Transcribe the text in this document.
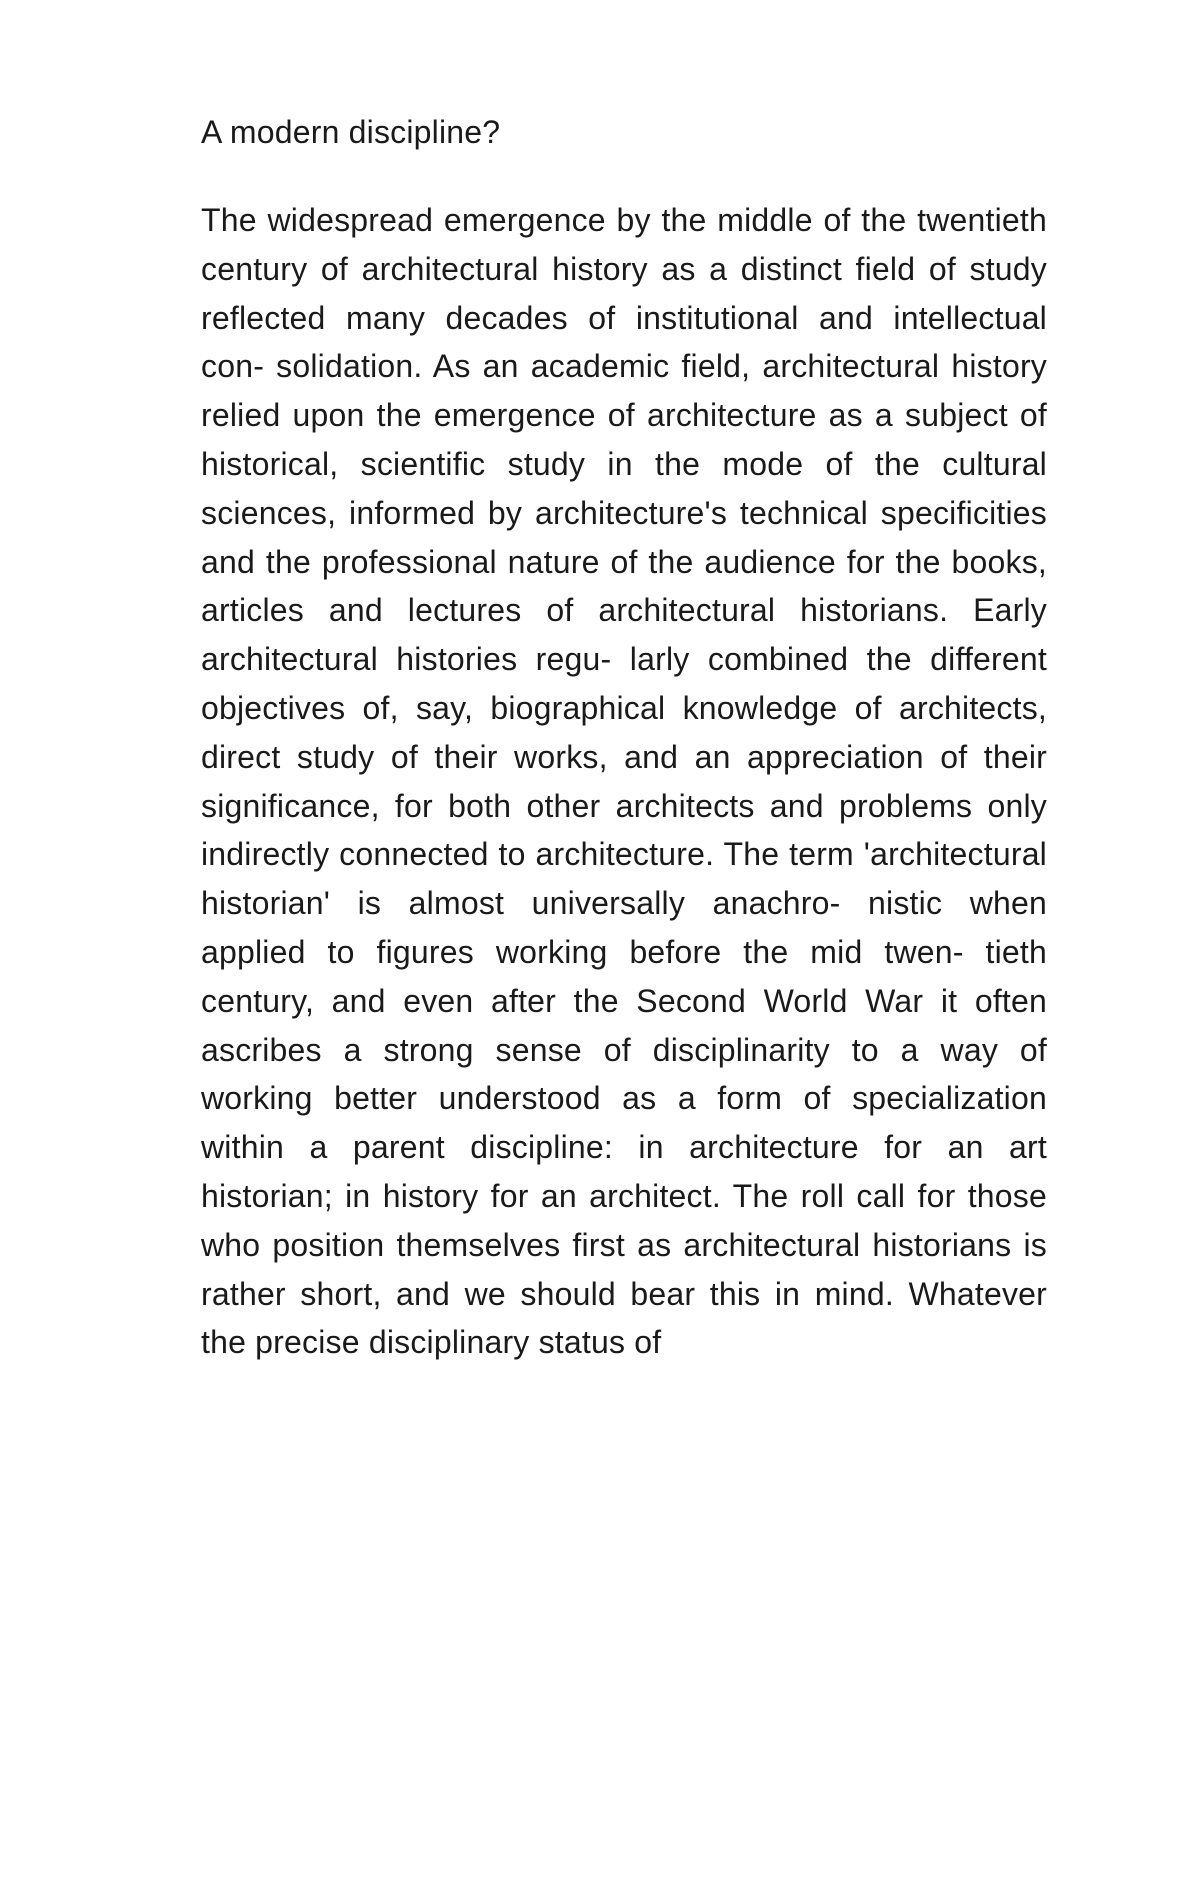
A modern discipline?

The widespread emergence by the middle of the twentieth century of architectural history as a distinct field of study reflected many decades of institutional and intellectual con- solidation. As an academic field, architectural history relied upon the emergence of architecture as a subject of historical, scientific study in the mode of the cultural sciences, informed by architecture's technical specificities and the professional nature of the audience for the books, articles and lectures of architectural historians. Early architectural histories regu- larly combined the different objectives of, say, biographical knowledge of architects, direct study of their works, and an appreciation of their significance, for both other architects and problems only indirectly connected to architecture. The term 'architectural historian' is almost universally anachro- nistic when applied to figures working before the mid twen- tieth century, and even after the Second World War it often ascribes a strong sense of disciplinarity to a way of working better understood as a form of specialization within a parent discipline: in architecture for an art historian; in history for an architect. The roll call for those who position themselves first as architectural historians is rather short, and we should bear this in mind. Whatever the precise disciplinary status of
